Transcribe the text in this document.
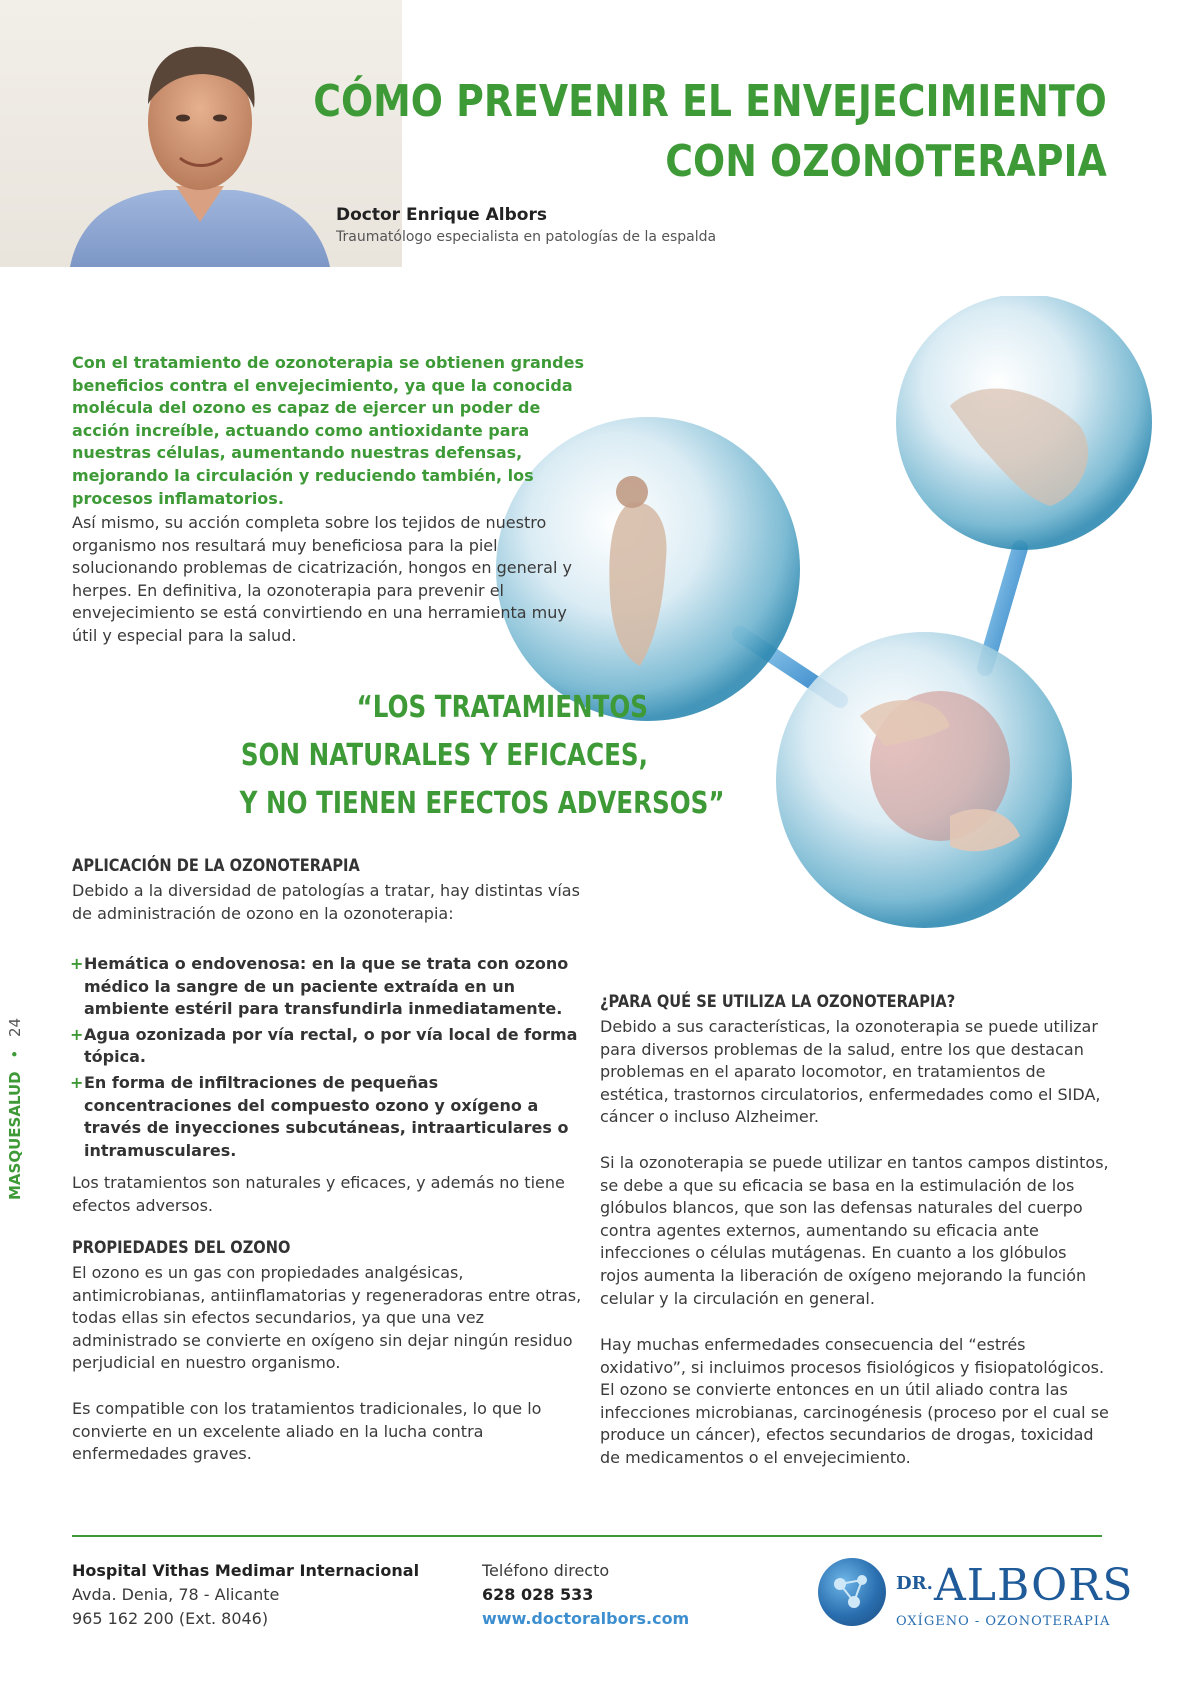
CÓMO PREVENIR EL ENVEJECIMIENTO
CON OZONOTERAPIA
Doctor Enrique Albors
Traumatólogo especialista en patologías de la espalda
Con el tratamiento de ozonoterapia se obtienen grandes beneficios contra el envejecimiento, ya que la conocida molécula del ozono es capaz de ejercer un poder de acción increíble, actuando como antioxidante para nuestras células, aumentando nuestras defensas, mejorando la circulación y reduciendo también, los procesos inflamatorios.
Así mismo, su acción completa sobre los tejidos de nuestro organismo nos resultará muy beneficiosa para la piel solucionando problemas de cicatrización, hongos en general y herpes. En definitiva, la ozonoterapia para prevenir el envejecimiento se está convirtiendo en una herramienta muy útil y especial para la salud.
“LOS TRATAMIENTOS
SON NATURALES Y EFICACES,
Y NO TIENEN EFECTOS ADVERSOS”
APLICACIÓN DE LA OZONOTERAPIA
Debido a la diversidad de patologías a tratar, hay distintas vías de administración de ozono en la ozonoterapia:
+ Hemática o endovenosa: en la que se trata con ozono médico la sangre de un paciente extraída en un ambiente estéril para transfundirla inmediatamente.
+ Agua ozonizada por vía rectal, o por vía local de forma tópica.
+ En forma de infiltraciones de pequeñas concentraciones del compuesto ozono y oxígeno a través de inyecciones subcutáneas, intraarticulares o intramusculares.
Los tratamientos son naturales y eficaces, y además no tiene efectos adversos.
PROPIEDADES DEL OZONO
El ozono es un gas con propiedades analgésicas, antimicrobianas, antiinflamatorias y regeneradoras entre otras, todas ellas sin efectos secundarios, ya que una vez administrado se convierte en oxígeno sin dejar ningún residuo perjudicial en nuestro organismo.
Es compatible con los tratamientos tradicionales, lo que lo convierte en un excelente aliado en la lucha contra enfermedades graves.
¿PARA QUÉ SE UTILIZA LA OZONOTERAPIA?
Debido a sus características, la ozonoterapia se puede utilizar para diversos problemas de la salud, entre los que destacan problemas en el aparato locomotor, en tratamientos de estética, trastornos circulatorios, enfermedades como el SIDA, cáncer o incluso Alzheimer.
Si la ozonoterapia se puede utilizar en tantos campos distintos, se debe a que su eficacia se basa en la estimulación de los glóbulos blancos, que son las defensas naturales del cuerpo contra agentes externos, aumentando su eficacia ante infecciones o células mutágenas. En cuanto a los glóbulos rojos aumenta la liberación de oxígeno mejorando la función celular y la circulación en general.
Hay muchas enfermedades consecuencia del “estrés oxidativo”, si incluimos procesos fisiológicos y fisiopatológicos. El ozono se convierte entonces en un útil aliado contra las infecciones microbianas, carcinogénesis (proceso por el cual se produce un cáncer), efectos secundarios de drogas, toxicidad de medicamentos o el envejecimiento.
MASQUESALUD • 24
Hospital Vithas Medimar Internacional
Avda. Denia, 78 - Alicante
965 162 200 (Ext. 8046)
Teléfono directo
628 028 533
www.doctoralbors.com
DR. ALBORS
OXÍGENO - OZONOTERAPIA
